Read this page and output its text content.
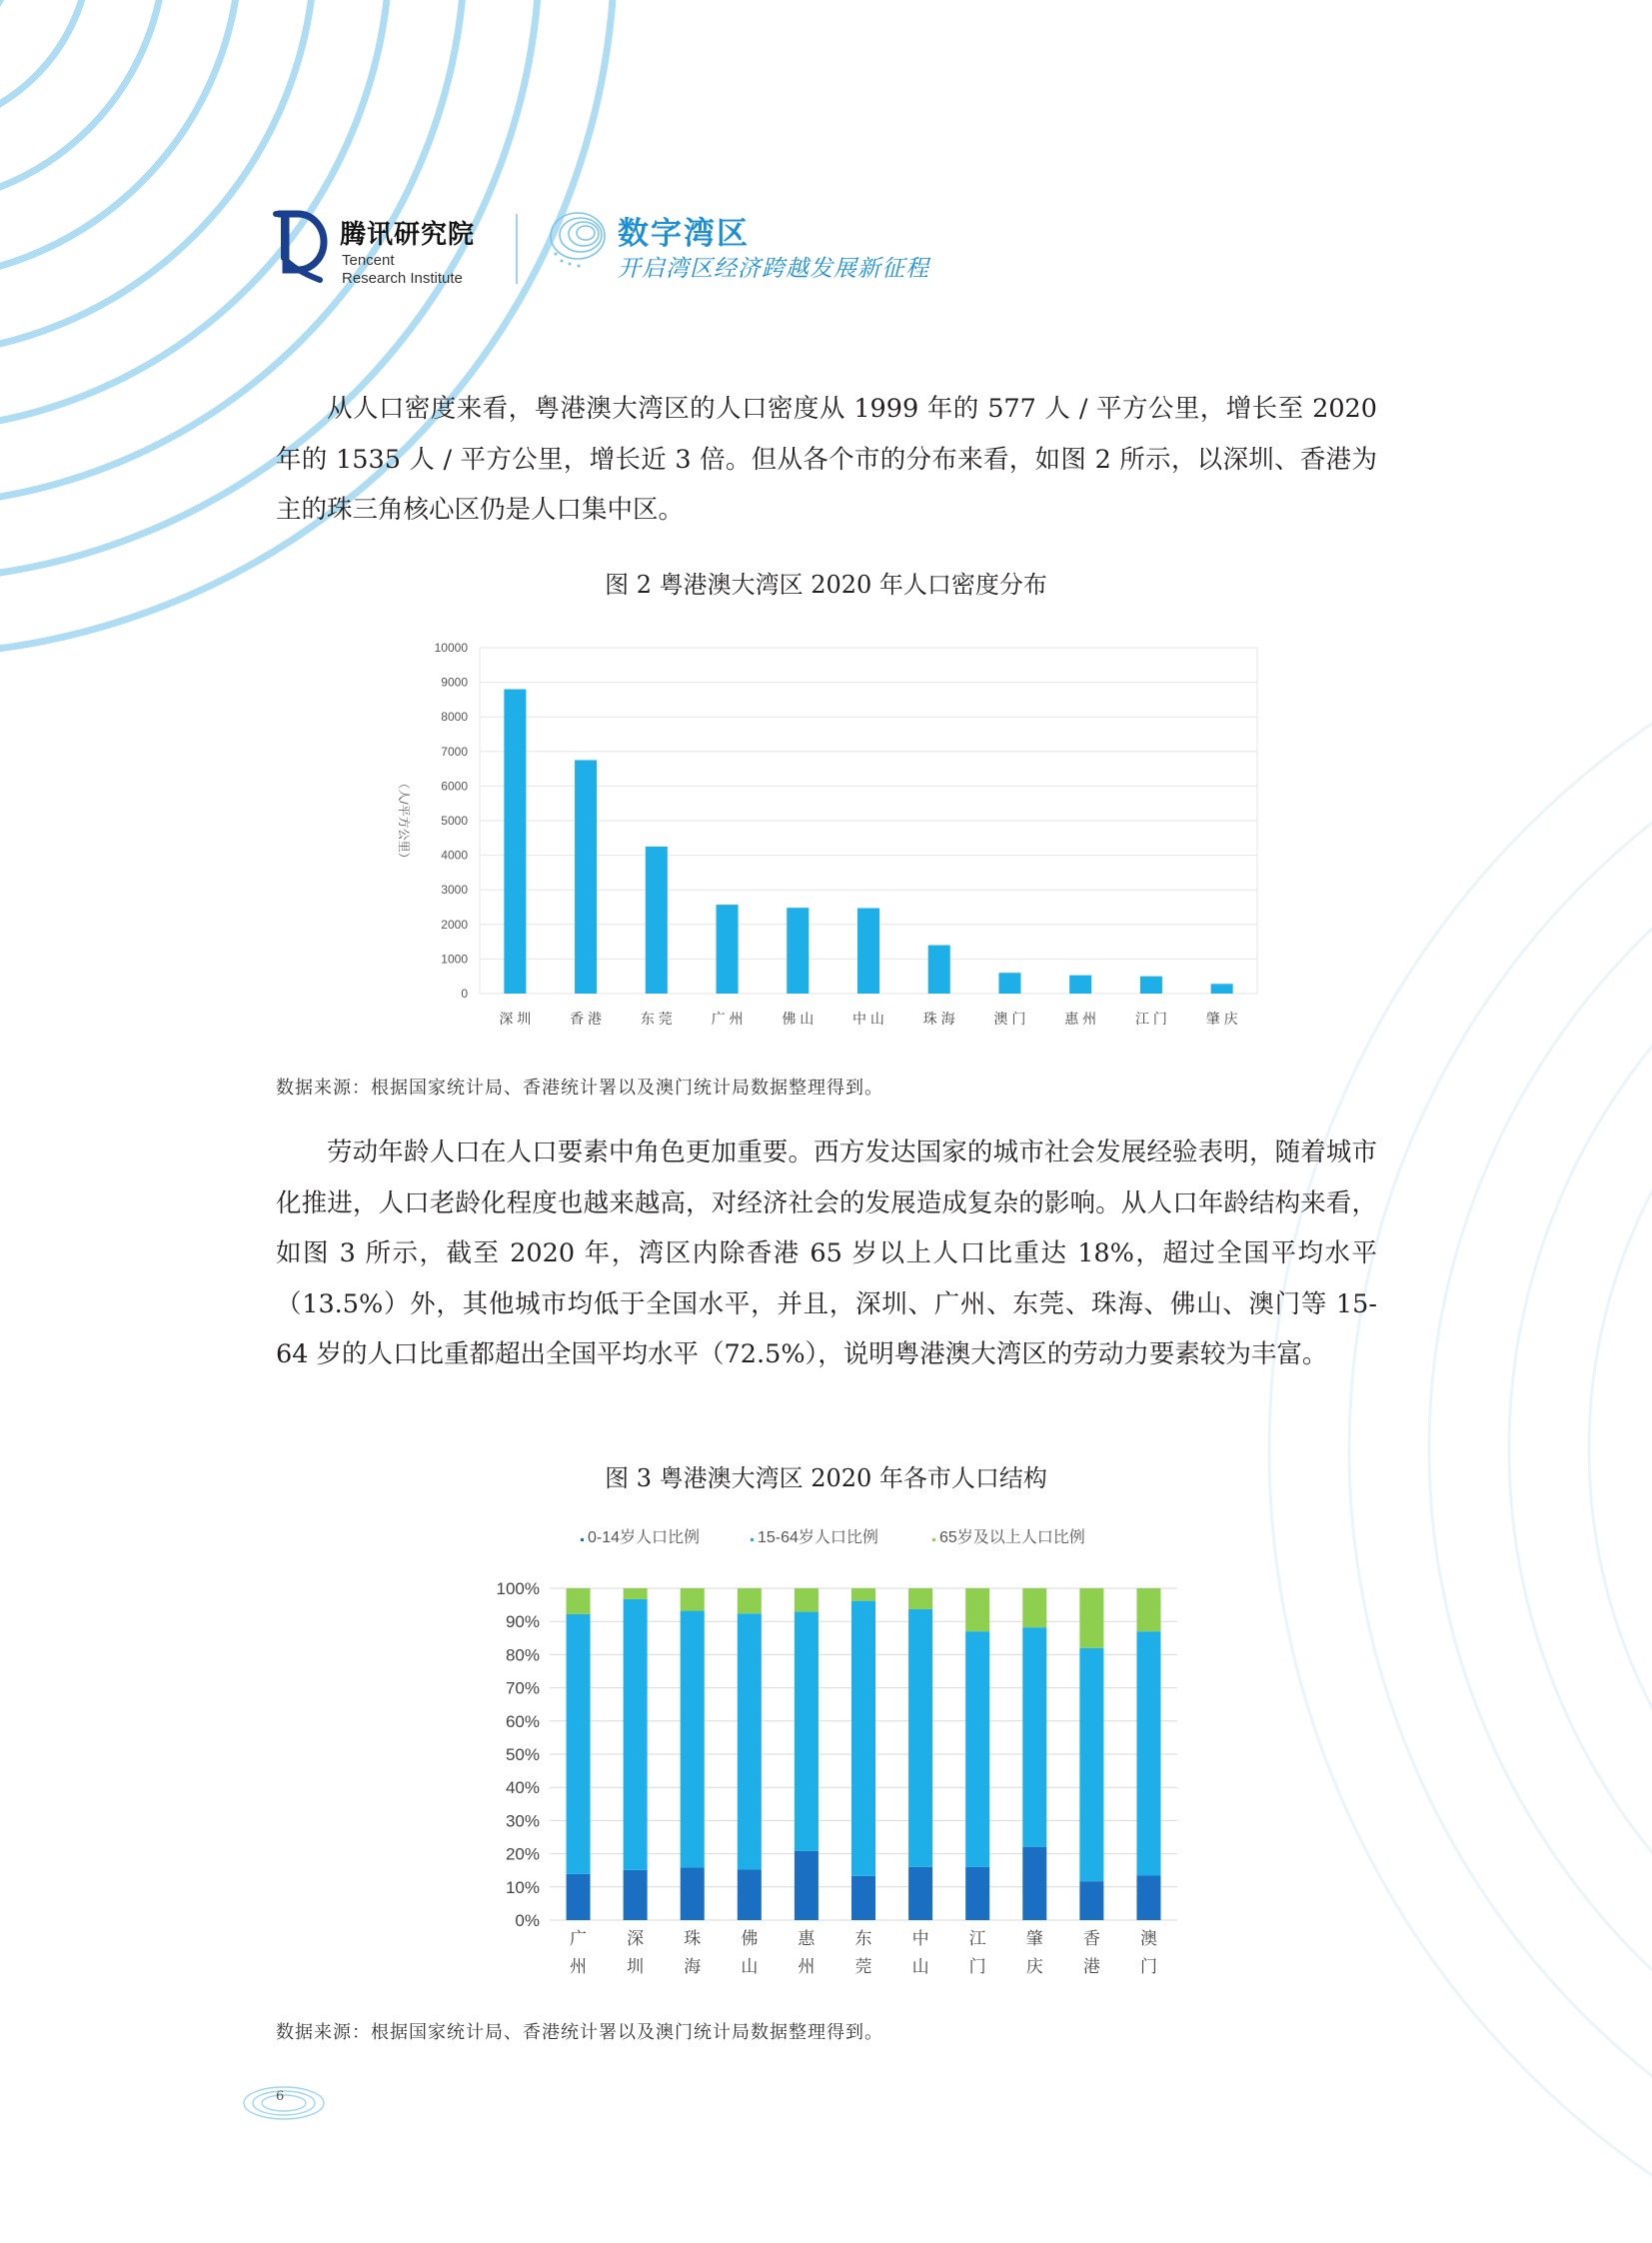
腾讯研究院
Tencent
Research Institute
数字湾区
开启湾区经济跨越发展新征程

从人口密度来看，粤港澳大湾区的人口密度从 1999 年的 577 人 / 平方公里，增长至 2020 年的 1535 人 / 平方公里，增长近 3 倍。但从各个市的分布来看，如图 2 所示，以深圳、香港为主的珠三角核心区仍是人口集中区。

图 2 粤港澳大湾区 2020 年人口密度分布
0
1000
2000
3000
4000
5000
6000
7000
8000
9000
10000
（人/平方公里）
深 圳	香 港	东 莞	广 州	佛 山	中 山	珠 海	澳 门	惠 州	江 门	肇 庆
数据来源：根据国家统计局、香港统计署以及澳门统计局数据整理得到。

劳动年龄人口在人口要素中角色更加重要。西方发达国家的城市社会发展经验表明，随着城市化推进，人口老龄化程度也越来越高，对经济社会的发展造成复杂的影响。从人口年龄结构来看，如图 3 所示，截至 2020 年，湾区内除香港 65 岁以上人口比重达 18%，超过全国平均水平（13.5%）外，其他城市均低于全国水平，并且，深圳、广州、东莞、珠海、佛山、澳门等 15-64 岁的人口比重都超出全国平均水平（72.5%），说明粤港澳大湾区的劳动力要素较为丰富。

图 3 粤港澳大湾区 2020 年各市人口结构
0-14岁人口比例	15-64岁人口比例	65岁及以上人口比例
0%
10%
20%
30%
40%
50%
60%
70%
80%
90%
100%
广
州
深
圳
珠
海
佛
山
惠
州
东
莞
中
山
江
门
肇
庆
香
港
澳
门
数据来源：根据国家统计局、香港统计署以及澳门统计局数据整理得到。
6
